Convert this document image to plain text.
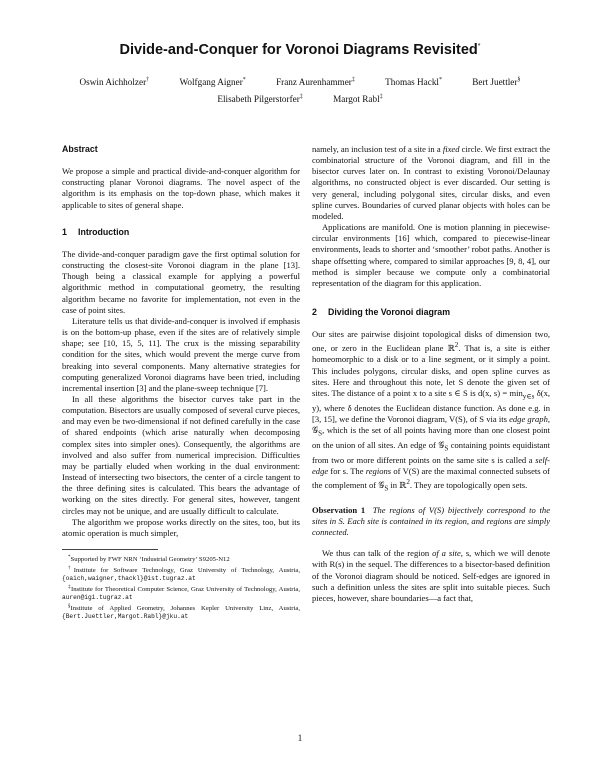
Divide-and-Conquer for Voronoi Diagrams Revisited*
Oswin Aichholzer†	Wolfgang Aigner*	Franz Aurenhammer‡	Thomas Hackl*	Bert Juettler§
Elisabeth Pilgerstorfer‡	Margot Rabl‡

Abstract

We propose a simple and practical divide-and-conquer algorithm for constructing planar Voronoi diagrams. The novel aspect of the algorithm is its emphasis on the top-down phase, which makes it applicable to sites of general shape.

1 Introduction

The divide-and-conquer paradigm gave the first optimal solution for constructing the closest-site Voronoi diagram in the plane [13]. Though being a classical example for applying a powerful algorithmic method in computational geometry, the resulting algorithm became no favorite for implementation, not even in the case of point sites.

Literature tells us that divide-and-conquer is involved if emphasis is on the bottom-up phase, even if the sites are of relatively simple shape; see [10, 15, 5, 11]. The crux is the missing separability condition for the sites, which would prevent the merge curve from breaking into several components. Many alternative strategies for computing generalized Voronoi diagrams have been tried, including incremental insertion [3] and the plane-sweep technique [7].

In all these algorithms the bisector curves take part in the computation. Bisectors are usually composed of several curve pieces, and may even be two-dimensional if not defined carefully in the case of shared endpoints (which arise naturally when decomposing complex sites into simpler ones). Consequently, the algorithms are involved and also suffer from numerical imprecision. Difficulties may be partially eluded when working in the dual environment: Instead of intersecting two bisectors, the center of a circle tangent to the three defining sites is calculated. This bears the advantage of working on the sites directly. For general sites, however, tangent circles may not be unique, and are usually difficult to calculate.

The algorithm we propose works directly on the sites, too, but its atomic operation is much simpler,

*Supported by FWF NRN ‘Industrial Geometry’ S9205-N12

†Institute for Software Technology, Graz University of Technology, Austria, {oaich,waigner,thackl}@ist.tugraz.at

‡Institute for Theoretical Computer Science, Graz University of Technology, Austria, auren@igi.tugraz.at

§Institute of Applied Geometry, Johannes Kepler University Linz, Austria, {Bert.Juettler,Margot.Rabl}@jku.at

namely, an inclusion test of a site in a fixed circle. We first extract the combinatorial structure of the Voronoi diagram, and fill in the bisector curves later on. In contrast to existing Voronoi/Delaunay algorithms, no constructed object is ever discarded. Our setting is very general, including polygonal sites, circular disks, and even spline curves. Boundaries of curved planar objects with holes can be modeled.

Applications are manifold. One is motion planning in piecewise-circular environments [16] which, compared to piecewise-linear environments, leads to shorter and ‘smoother’ robot paths. Another is shape offsetting where, compared to similar approaches [9, 8, 4], our method is simpler because we compute only a combinatorial representation of the diagram for this application.

2 Dividing the Voronoi diagram

Our sites are pairwise disjoint topological disks of dimension two, one, or zero in the Euclidean plane ℝ$^2$. That is, a site is either homeomorphic to a disk or to a line segment, or it simply a point. This includes polygons, circular disks, and open spline curves as sites. Here and throughout this note, let S denote the given set of sites. The distance of a point x to a site s ∈ S is d(x, $s) = \min_{y\in s} \delta(x$, y), where δ denotes the Euclidean distance function. As done e.g. in [3, 15], we define the Voronoi diagram, V(S), of S via its edge graph, 𝒢$_S$, which is the set of all points having more than one closest point on the union of all sites. An edge of 𝒢$_S$ containing points equidistant from two or more different points on the same site s is called a self-edge for s. The regions of V(S) are the maximal connected subsets of the complement of 𝒢$_S$ in ℝ$^2$. They are topologically open sets.

Observation 1 The regions of V(S) bijectively correspond to the sites in S. Each site is contained in its region, and regions are simply connected.

We thus can talk of the region of a site, s, which we will denote with R(s) in the sequel. The differences to a bisector-based definition of the Voronoi diagram should be noticed. Self-edges are ignored in such a definition unless the sites are split into suitable pieces. Such pieces, however, share boundaries—a fact that,

1
